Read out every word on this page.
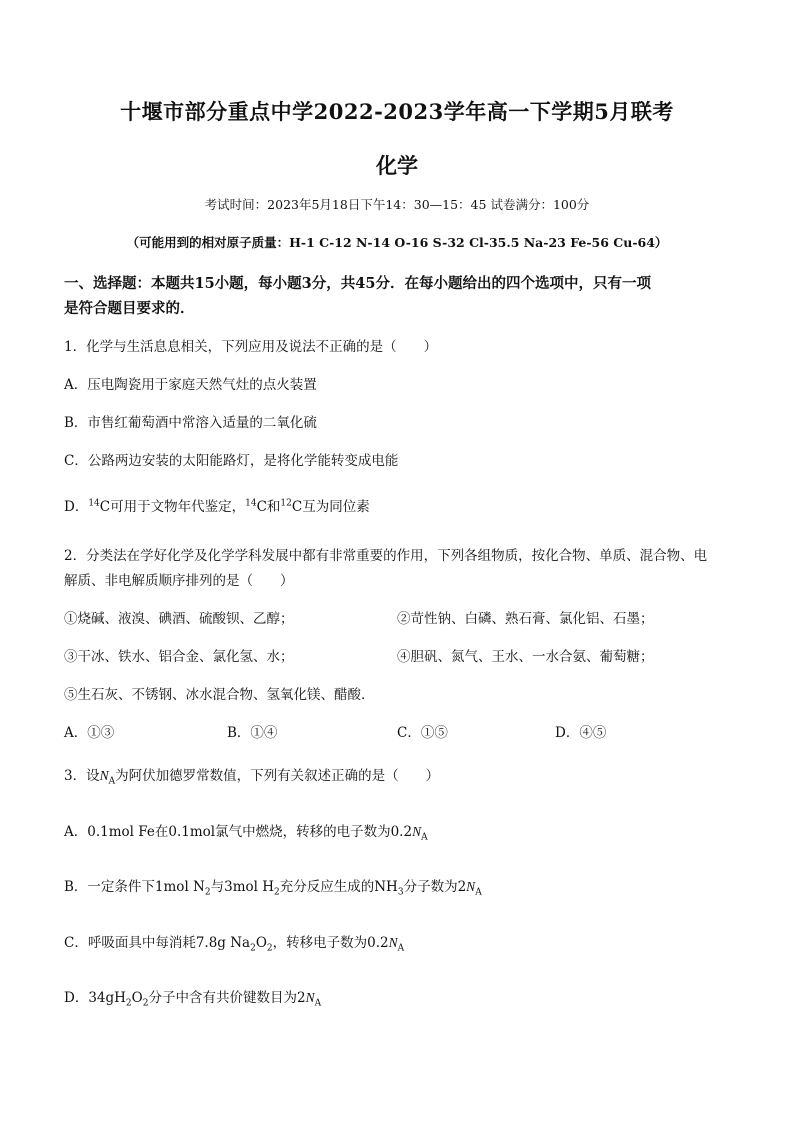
十堰市部分重点中学2022-2023学年高一下学期5月联考
化学
考试时间：2023年5月18日下午14：30—15：45 试卷满分：100分
（可能用到的相对原子质量：H-1 C-12 N-14 O-16 S-32 Cl-35.5 Na-23 Fe-56 Cu-64）
一、选择题：本题共15小题，每小题3分，共45分．在每小题给出的四个选项中，只有一项
是符合题目要求的．
1．化学与生活息息相关，下列应用及说法不正确的是（　　）
A．压电陶瓷用于家庭天然气灶的点火装置
B．市售红葡萄酒中常溶入适量的二氧化硫
C．公路两边安装的太阳能路灯，是将化学能转变成电能
D．$^{14}$C可用于文物年代鉴定，$^{14}$C和$^{12}$C互为同位素
2．分类法在学好化学及化学学科发展中都有非常重要的作用，下列各组物质，按化合物、单质、混合物、电
解质、非电解质顺序排列的是（　　）
①烧碱、液溴、碘酒、硫酸钡、乙醇；	②苛性钠、白磷、熟石膏、氯化铝、石墨；
③干冰、铁水、铝合金、氯化氢、水；	④胆矾、氮气、王水、一水合氨、葡萄糖；
⑤生石灰、不锈钢、冰水混合物、氢氧化镁、醋酸．
A．①③	B．①④	C．①⑤	D．④⑤
3．设$N_A$为阿伏加德罗常数值，下列有关叙述正确的是（　　）
A．0.1mol Fe在0.1mol氯气中燃烧，转移的电子数为$0.2N_A$
B．一定条件下1mol $N_2$与3mol $H_2$充分反应生成的$NH_3$分子数为$2N_A$
C．呼吸面具中每消耗7.8g $Na_2O_2$，转移电子数为$0.2N_A$
D．$34gH_2O_2$分子中含有共价键数目为$2N_A$
